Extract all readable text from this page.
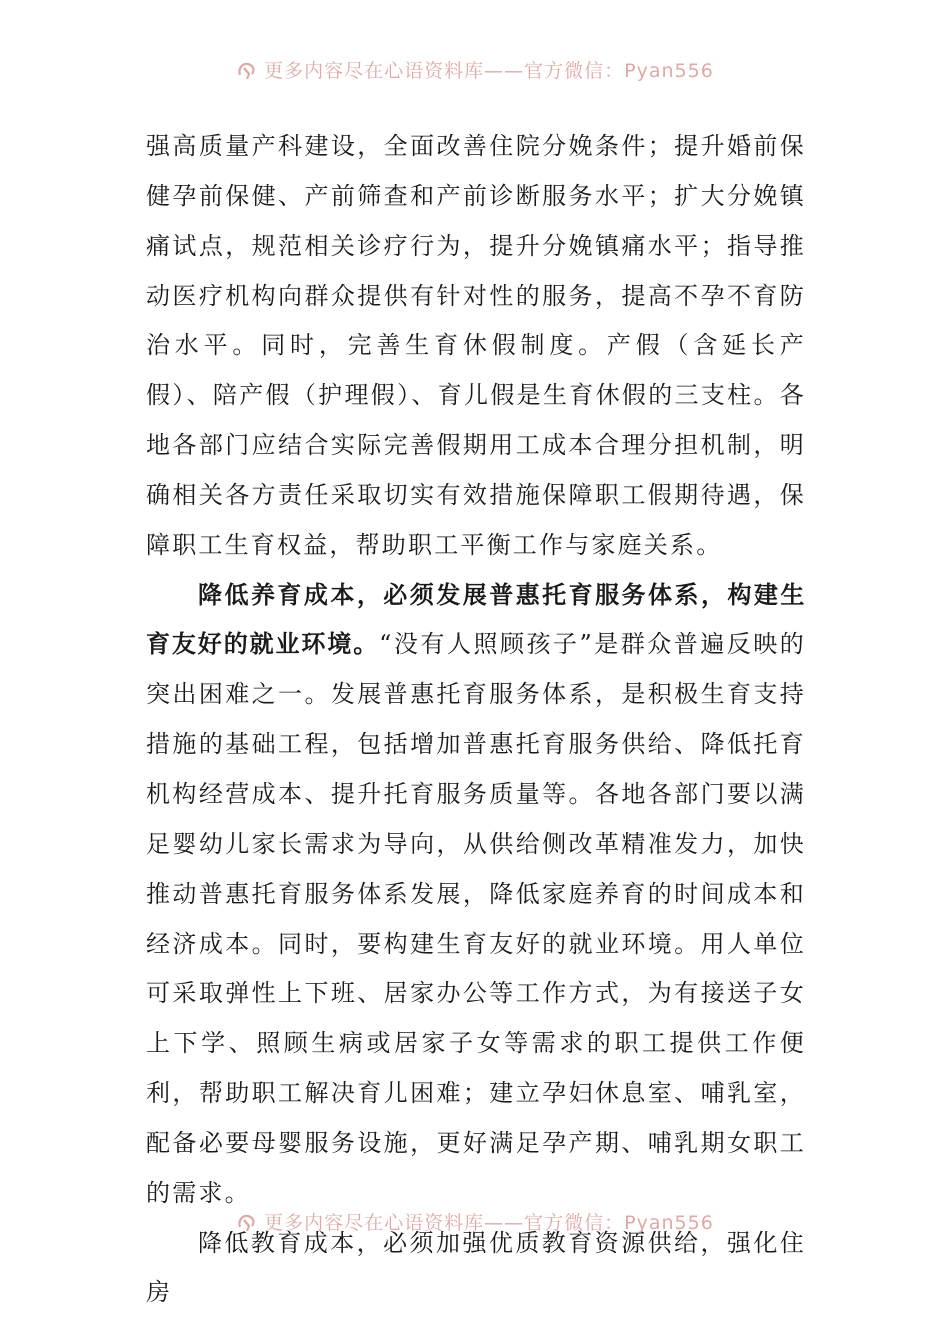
更多内容尽在心语资料库——官方微信：Pyan556

强高质量产科建设，全面改善住院分娩条件；提升婚前保健孕前保健、产前筛查和产前诊断服务水平；扩大分娩镇痛试点，规范相关诊疗行为，提升分娩镇痛水平；指导推动医疗机构向群众提供有针对性的服务，提高不孕不育防治水平。同时，完善生育休假制度。产假（含延长产假）、陪产假（护理假）、育儿假是生育休假的三支柱。各地各部门应结合实际完善假期用工成本合理分担机制，明确相关各方责任采取切实有效措施保障职工假期待遇，保障职工生育权益，帮助职工平衡工作与家庭关系。

降低养育成本，必须发展普惠托育服务体系，构建生育友好的就业环境。“没有人照顾孩子”是群众普遍反映的突出困难之一。发展普惠托育服务体系，是积极生育支持措施的基础工程，包括增加普惠托育服务供给、降低托育机构经营成本、提升托育服务质量等。各地各部门要以满足婴幼儿家长需求为导向，从供给侧改革精准发力，加快推动普惠托育服务体系发展，降低家庭养育的时间成本和经济成本。同时，要构建生育友好的就业环境。用人单位可采取弹性上下班、居家办公等工作方式，为有接送子女上下学、照顾生病或居家子女等需求的职工提供工作便利，帮助职工解决育儿困难；建立孕妇休息室、哺乳室，配备必要母婴服务设施，更好满足孕产期、哺乳期女职工的需求。

降低教育成本，必须加强优质教育资源供给，强化住房

更多内容尽在心语资料库——官方微信：Pyan556
